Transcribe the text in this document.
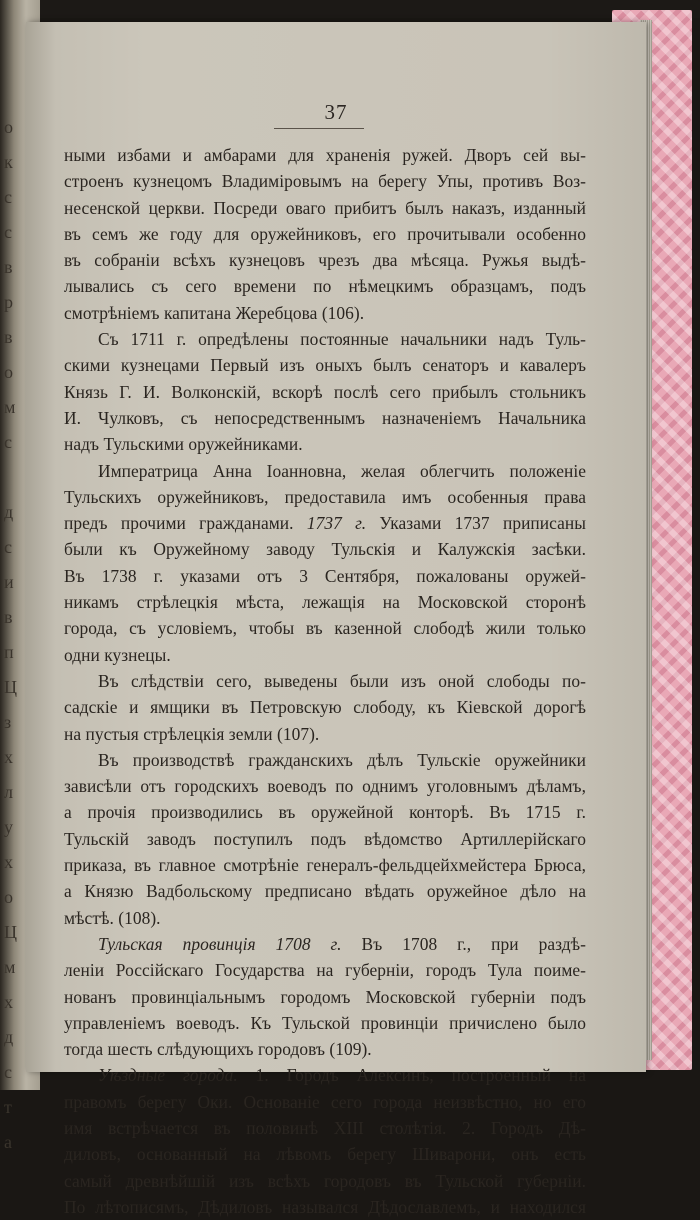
о
к
с
с
в
р
в
о
м
с

д
с
и
в
п
Ц
з
х
л
у
х
о
Ц
м
х
д
с
т
а
37
ными избами и амбарами для храненія ружей. Дворъ сей вы-
строенъ кузнецомъ Владиміровымъ на берегу Упы, противъ Воз-
несенской церкви. Посреди оваго прибитъ былъ наказъ, изданный
въ семъ же году для оружейниковъ, его прочитывали особенно
въ собраніи всѣхъ кузнецовъ чрезъ два мѣсяца. Ружья выдѣ-
лывались съ сего времени по нѣмецкимъ образцамъ, подъ
смотрѣніемъ капитана Жеребцова (106).
Съ 1711 г. опредѣлены постоянные начальники надъ Туль-
скими кузнецами Первый изъ оныхъ былъ сенаторъ и кавалеръ
Князь Г. И. Волконскій, вскорѣ послѣ сего прибылъ стольникъ
И. Чулковъ, съ непосредственнымъ назначеніемъ Начальника
надъ Тульскими оружейниками.
Императрица Анна Іоанновна, желая облегчить положеніе
Тульскихъ оружейниковъ, предоставила имъ особенныя права
предъ прочими гражданами. 1737 г. Указами 1737 приписаны
были къ Оружейному заводу Тульскія и Калужскія засѣки.
Въ 1738 г. указами отъ 3 Сентября, пожалованы оружей-
никамъ стрѣлецкія мѣста, лежащія на Московской сторонѣ
города, съ условіемъ, чтобы въ казенной слободѣ жили только
одни кузнецы.
Въ слѣдствіи сего, выведены были изъ оной слободы по-
садскіе и ямщики въ Петровскую слободу, къ Кіевской дорогѣ
на пустыя стрѣлецкія земли (107).
Въ производствѣ гражданскихъ дѣлъ Тульскіе оружейники
зависѣли отъ городскихъ воеводъ по однимъ уголовнымъ дѣламъ,
а прочія производились въ оружейной конторѣ. Въ 1715 г.
Тульскій заводъ поступилъ подъ вѣдомство Артиллерійскаго
приказа, въ главное смотрѣніе генералъ-фельдцейхмейстера Брюса,
а Князю Вадбольскому предписано вѣдать оружейное дѣло на
мѣстѣ. (108).
Тульская провинція 1708 г. Въ 1708 г., при раздѣ-
леніи Россійскаго Государства на губерніи, городъ Тула поиме-
нованъ провинціальнымъ городомъ Московской губерніи подъ
управленіемъ воеводъ. Къ Тульской провинціи причислено было
тогда шесть слѣдующихъ городовъ (109).
Уѣздные города. 1. Городъ Алексинъ, построенный на
правомъ берегу Оки. Основаніе сего города неизвѣстно, но его
имя встрѣчается въ половинѣ XIII столѣтія. 2. Городъ Дѣ-
диловъ, основанный на лѣвомъ берегу Шиварони, онъ есть
самый древнѣйшій изъ всѣхъ городовъ въ Тульской губерніи.
По лѣтописямъ, Дѣдиловъ назывался Дѣдославлемъ, и находился
